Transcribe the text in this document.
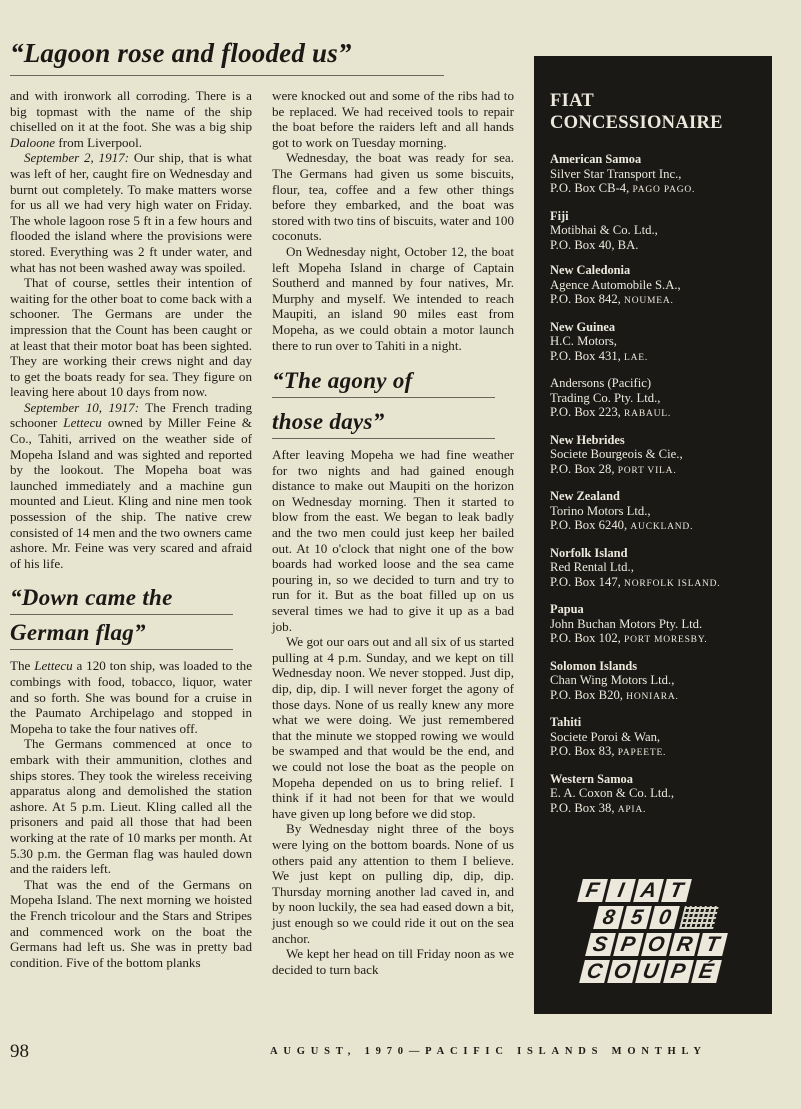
“Lagoon rose and flooded us”

and with ironwork all corroding. There is a big topmast with the name of the ship chiselled on it at the foot. She was a big ship Daloone from Liverpool.

September 2, 1917: Our ship, that is what was left of her, caught fire on Wednesday and burnt out completely. To make matters worse for us all we had very high water on Friday. The whole lagoon rose 5 ft in a few hours and flooded the island where the provisions were stored. Everything was 2 ft under water, and what has not been washed away was spoiled.

That of course, settles their intention of waiting for the other boat to come back with a schooner. The Germans are under the impression that the Count has been caught or at least that their motor boat has been sighted. They are working their crews night and day to get the boats ready for sea. They figure on leaving here about 10 days from now.

September 10, 1917: The French trading schooner Lettecu owned by Miller Feine & Co., Tahiti, arrived on the weather side of Mopeha Island and was sighted and reported by the lookout. The Mopeha boat was launched immediately and a machine gun mounted and Lieut. Kling and nine men took possession of the ship. The native crew consisted of 14 men and the two owners came ashore. Mr. Feine was very scared and afraid of his life.

“Down came the
German flag”

The Lettecu a 120 ton ship, was loaded to the combings with food, tobacco, liquor, water and so forth. She was bound for a cruise in the Paumato Archipelago and stopped in Mopeha to take the four natives off.

The Germans commenced at once to embark with their ammunition, clothes and ships stores. They took the wireless receiving apparatus along and demolished the station ashore. At 5 p.m. Lieut. Kling called all the prisoners and paid all those that had been working at the rate of 10 marks per month. At 5.30 p.m. the German flag was hauled down and the raiders left.

That was the end of the Germans on Mopeha Island. The next morning we hoisted the French tricolour and the Stars and Stripes and commenced work on the boat the Germans had left us. She was in pretty bad condition. Five of the bottom planks

were knocked out and some of the ribs had to be replaced. We had received tools to repair the boat before the raiders left and all hands got to work on Tuesday morning.

Wednesday, the boat was ready for sea. The Germans had given us some biscuits, flour, tea, coffee and a few other things before they embarked, and the boat was stored with two tins of biscuits, water and 100 coconuts.

On Wednesday night, October 12, the boat left Mopeha Island in charge of Captain Southerd and manned by four natives, Mr. Murphy and myself. We intended to reach Maupiti, an island 90 miles east from Mopeha, as we could obtain a motor launch there to run over to Tahiti in a night.

“The agony of
those days”

After leaving Mopeha we had fine weather for two nights and had gained enough distance to make out Maupiti on the horizon on Wednesday morning. Then it started to blow from the east. We began to leak badly and the two men could just keep her bailed out. At 10 o'clock that night one of the bow boards had worked loose and the sea came pouring in, so we decided to turn and try to run for it. But as the boat filled up on us several times we had to give it up as a bad job.

We got our oars out and all six of us started pulling at 4 p.m. Sunday, and we kept on till Wednesday noon. We never stopped. Just dip, dip, dip, dip. I will never forget the agony of those days. None of us really knew any more what we were doing. We just remembered that the minute we stopped rowing we would be swamped and that would be the end, and we could not lose the boat as the people on Mopeha depended on us to bring relief. I think if it had not been for that we would have given up long before we did stop.

By Wednesday night three of the boys were lying on the bottom boards. None of us others paid any attention to them I believe. We just kept on pulling dip, dip, dip. Thursday morning another lad caved in, and by noon luckily, the sea had eased down a bit, just enough so we could ride it out on the sea anchor.

We kept her head on till Friday noon as we decided to turn back

FIAT
CONCESSIONAIRE
American Samoa
Silver Star Transport Inc.,
P.O. Box CB-4, PAGO PAGO.
Fiji
Motibhai & Co. Ltd.,
P.O. Box 40, BA.
New Caledonia
Agence Automobile S.A.,
P.O. Box 842, NOUMEA.
New Guinea
H.C. Motors,
P.O. Box 431, LAE.
Andersons (Pacific)
Trading Co. Pty. Ltd.,
P.O. Box 223, RABAUL.
New Hebrides
Societe Bourgeois & Cie.,
P.O. Box 28, PORT VILA.
New Zealand
Torino Motors Ltd.,
P.O. Box 6240, AUCKLAND.
Norfolk Island
Red Rental Ltd.,
P.O. Box 147, NORFOLK ISLAND.
Papua
John Buchan Motors Pty. Ltd.
P.O. Box 102, PORT MORESBY.
Solomon Islands
Chan Wing Motors Ltd.,
P.O. Box B20, HONIARA.
Tahiti
Societe Poroi & Wan,
P.O. Box 83, PAPEETE.
Western Samoa
E. A. Coxon & Co. Ltd.,
P.O. Box 38, APIA.
F I A T
8 5 0
S P O R T
C O U P É
98	AUGUST, 1970—PACIFIC ISLANDS MONTHLY
